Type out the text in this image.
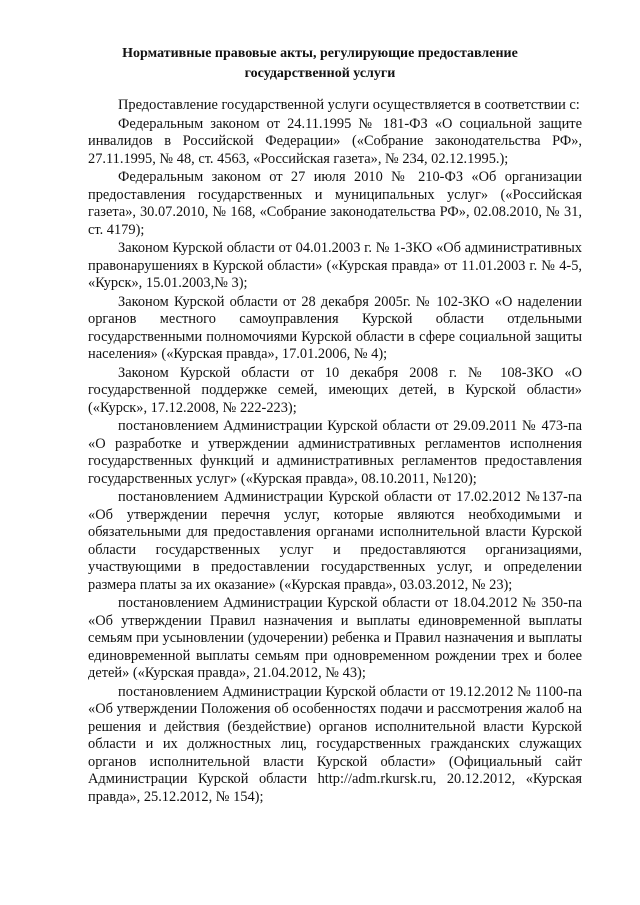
Нормативные правовые акты, регулирующие предоставление государственной услуги

Предоставление государственной услуги осуществляется в соответствии с:

Федеральным законом от 24.11.1995 № 181-ФЗ «О социальной защите инвалидов в Российской Федерации» («Собрание законодательства РФ», 27.11.1995, № 48, ст. 4563, «Российская газета», № 234, 02.12.1995.);

Федеральным законом от 27 июля 2010 № 210-ФЗ «Об организации предоставления государственных и муниципальных услуг» («Российская газета», 30.07.2010, № 168, «Собрание законодательства РФ», 02.08.2010, № 31, ст. 4179);

Законом Курской области от 04.01.2003 г. № 1-ЗКО «Об административных правонарушениях в Курской области» («Курская правда» от 11.01.2003 г. № 4-5, «Курск», 15.01.2003,№ 3);

Законом Курской области от 28 декабря 2005г. № 102-ЗКО «О наделении органов местного самоуправления Курской области отдельными государственными полномочиями Курской области в сфере социальной защиты населения» («Курская правда», 17.01.2006, № 4);

Законом Курской области от 10 декабря 2008 г. № 108-ЗКО «О государственной поддержке семей, имеющих детей, в Курской области» («Курск», 17.12.2008, № 222-223);

постановлением Администрации Курской области от 29.09.2011 № 473-па «О разработке и утверждении административных регламентов исполнения государственных функций и административных регламентов предоставления государственных услуг» («Курская правда», 08.10.2011, №120);

постановлением Администрации Курской области от 17.02.2012 №137-па «Об утверждении перечня услуг, которые являются необходимыми и обязательными для предоставления органами исполнительной власти Курской области государственных услуг и предоставляются организациями, участвующими в предоставлении государственных услуг, и определении размера платы за их оказание» («Курская правда», 03.03.2012, № 23);

постановлением Администрации Курской области от 18.04.2012 № 350-па «Об утверждении Правил назначения и выплаты единовременной выплаты семьям при усыновлении (удочерении) ребенка и Правил назначения и выплаты единовременной выплаты семьям при одновременном рождении трех и более детей» («Курская правда», 21.04.2012, № 43);

постановлением Администрации Курской области от 19.12.2012 № 1100-па «Об утверждении Положения об особенностях подачи и рассмотрения жалоб на решения и действия (бездействие) органов исполнительной власти Курской области и их должностных лиц, государственных гражданских служащих органов исполнительной власти Курской области» (Официальный сайт Администрации Курской области http://adm.rkursk.ru, 20.12.2012, «Курская правда», 25.12.2012, № 154);
